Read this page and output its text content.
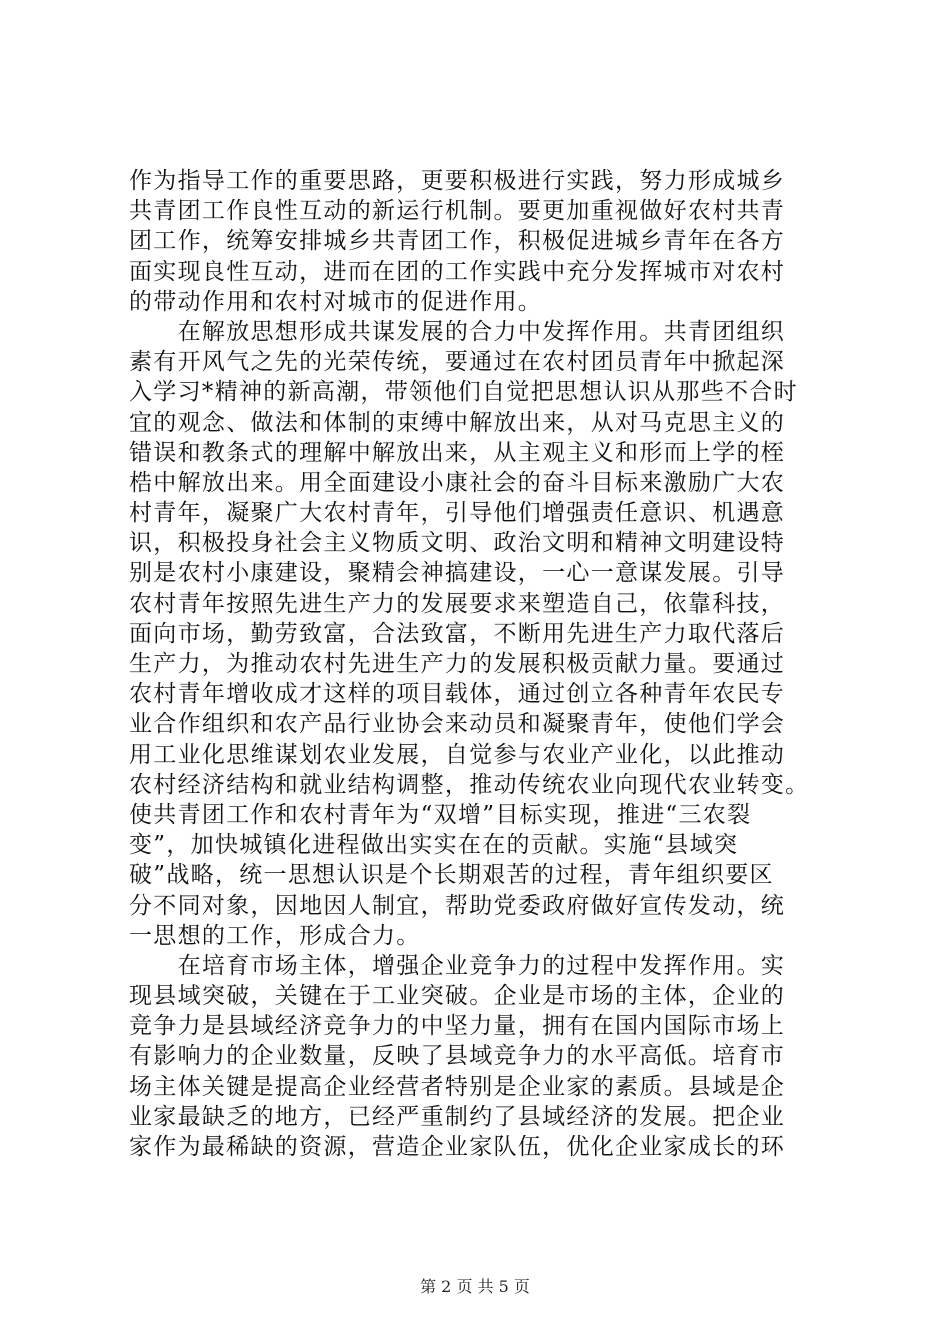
作为指导工作的重要思路，更要积极进行实践，努力形成城乡
共青团工作良性互动的新运行机制。要更加重视做好农村共青
团工作，统筹安排城乡共青团工作，积极促进城乡青年在各方
面实现良性互动，进而在团的工作实践中充分发挥城市对农村
的带动作用和农村对城市的促进作用。
　　在解放思想形成共谋发展的合力中发挥作用。共青团组织
素有开风气之先的光荣传统，要通过在农村团员青年中掀起深
入学习*精神的新高潮，带领他们自觉把思想认识从那些不合时
宜的观念、做法和体制的束缚中解放出来，从对马克思主义的
错误和教条式的理解中解放出来，从主观主义和形而上学的桎
梏中解放出来。用全面建设小康社会的奋斗目标来激励广大农
村青年，凝聚广大农村青年，引导他们增强责任意识、机遇意
识，积极投身社会主义物质文明、政治文明和精神文明建设特
别是农村小康建设，聚精会神搞建设，一心一意谋发展。引导
农村青年按照先进生产力的发展要求来塑造自己，依靠科技，
面向市场，勤劳致富，合法致富，不断用先进生产力取代落后
生产力，为推动农村先进生产力的发展积极贡献力量。要通过
农村青年增收成才这样的项目载体，通过创立各种青年农民专
业合作组织和农产品行业协会来动员和凝聚青年，使他们学会
用工业化思维谋划农业发展，自觉参与农业产业化，以此推动
农村经济结构和就业结构调整，推动传统农业向现代农业转变。
使共青团工作和农村青年为“双增”目标实现，推进“三农裂
变”，加快城镇化进程做出实实在在的贡献。实施“县域突
破”战略，统一思想认识是个长期艰苦的过程，青年组织要区
分不同对象，因地因人制宜，帮助党委政府做好宣传发动，统
一思想的工作，形成合力。
　　在培育市场主体，增强企业竞争力的过程中发挥作用。实
现县域突破，关键在于工业突破。企业是市场的主体，企业的
竞争力是县域经济竞争力的中坚力量，拥有在国内国际市场上
有影响力的企业数量，反映了县域竞争力的水平高低。培育市
场主体关键是提高企业经营者特别是企业家的素质。县域是企
业家最缺乏的地方，已经严重制约了县域经济的发展。把企业
家作为最稀缺的资源，营造企业家队伍，优化企业家成长的环
第 2 页 共 5 页
